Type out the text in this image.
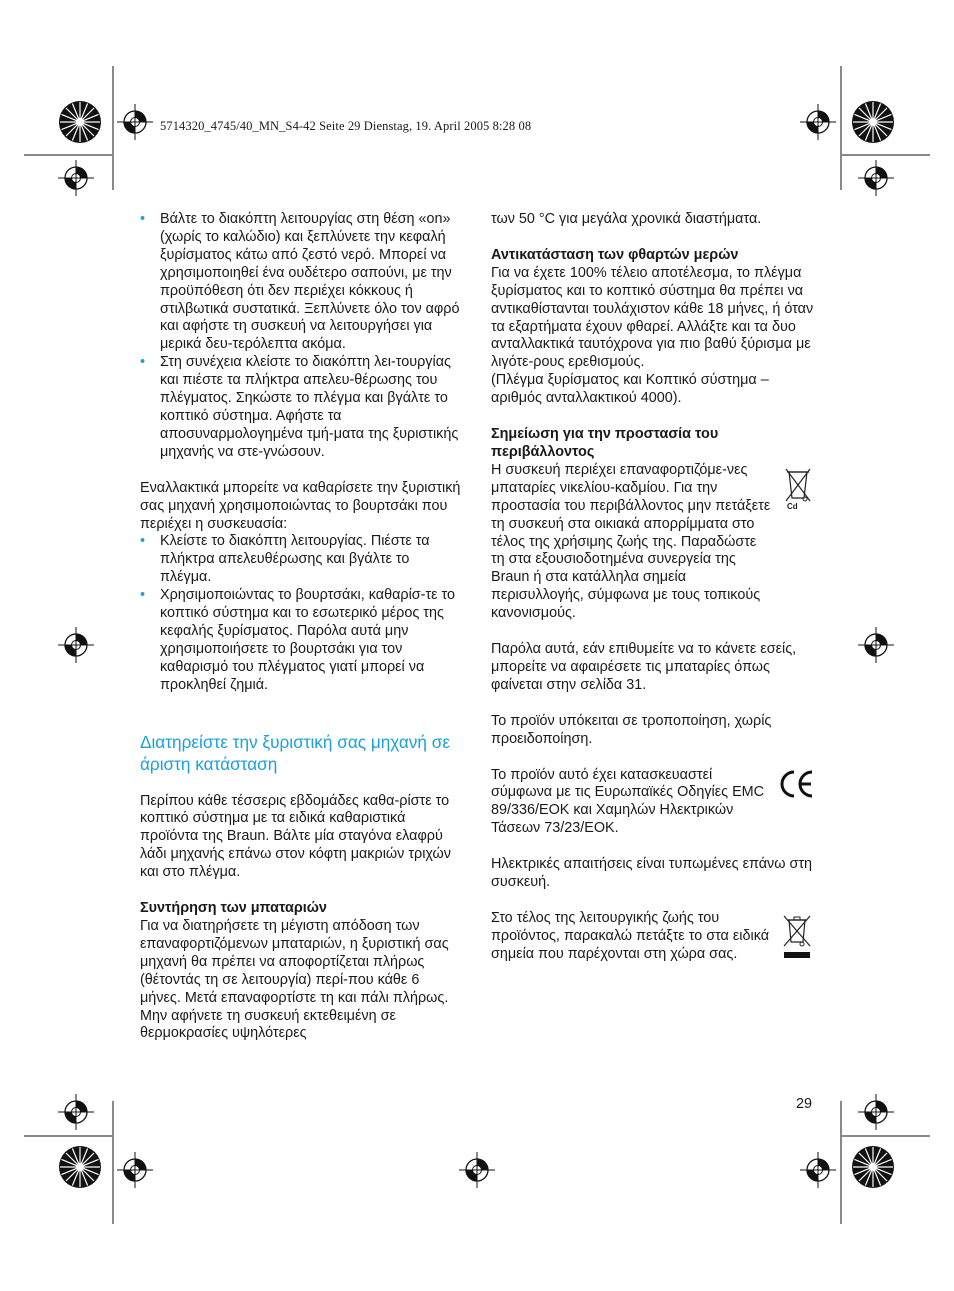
5714320_4745/40_MN_S4-42 Seite 29 Dienstag, 19. April 2005 8:28 08
• Βάλτε το διακόπτη λειτουργίας στη θέση «on» (χωρίς το καλώδιο) και ξεπλύνετε την κεφαλή ξυρίσματος κάτω από ζεστό νερό. Μπορεί να χρησιμοποιηθεί ένα ουδέτερο σαπούνι, με την προϋπόθεση ότι δεν περιέχει κόκκους ή στιλβωτικά συστατικά. Ξεπλύνετε όλο τον αφρό και αφήστε τη συσκευή να λειτουργήσει για μερικά δευ-τερόλεπτα ακόμα.
• Στη συνέχεια κλείστε το διακόπτη λει-τουργίας και πιέστε τα πλήκτρα απελευ-θέρωσης του πλέγματος. Σηκώστε το πλέγμα και βγάλτε το κοπτικό σύστημα. Αφήστε τα αποσυναρμολογημένα τμή-ματα της ξυριστικής μηχανής να στε-γνώσουν.

Εναλλακτικά μπορείτε να καθαρίσετε την ξυριστική σας μηχανή χρησιμοποιώντας το βουρτσάκι που περιέχει η συσκευασία:

• Κλείστε το διακόπτη λειτουργίας. Πιέστε τα πλήκτρα απελευθέρωσης και βγάλτε το πλέγμα.
• Χρησιμοποιώντας το βουρτσάκι, καθαρίσ-τε το κοπτικό σύστημα και το εσωτερικό μέρος της κεφαλής ξυρίσματος. Παρόλα αυτά μην χρησιμοποιήσετε το βουρτσάκι για τον καθαρισμό του πλέγματος γιατί μπορεί να προκληθεί ζημιά.
Διατηρείστε την ξυριστική σας μηχανή σε άριστη κατάσταση

Περίπου κάθε τέσσερις εβδομάδες καθα-ρίστε το κοπτικό σύστημα με τα ειδικά καθαριστικά προϊόντα της Braun. Βάλτε μία σταγόνα ελαφρύ λάδι μηχανής επάνω στον κόφτη μακριών τριχών και στο πλέγμα.

Συντήρηση των μπαταριών

Για να διατηρήσετε τη μέγιστη απόδοση των επαναφορτιζόμενων μπαταριών, η ξυριστική σας μηχανή θα πρέπει να αποφορτίζεται πλήρως (θέτοντάς τη σε λειτουργία) περί-που κάθε 6 μήνες. Μετά επαναφορτίστε τη και πάλι πλήρως. Μην αφήνετε τη συσκευή εκτεθειμένη σε θερμοκρασίες υψηλότερες

των 50 °C για μεγάλα χρονικά διαστήματα.

Αντικατάσταση των φθαρτών μερών

Για να έχετε 100% τέλειο αποτέλεσμα, το πλέγμα ξυρίσματος και το κοπτικό σύστημα θα πρέπει να αντικαθίστανται τουλάχιστον κάθε 18 μήνες, ή όταν τα εξαρτήματα έχουν φθαρεί. Αλλάξτε και τα δυο ανταλλακτικά ταυτόχρονα για πιο βαθύ ξύρισμα με λιγότε-ρους ερεθισμούς.

(Πλέγμα ξυρίσματος και Κοπτικό σύστημα – αριθμός ανταλλακτικού 4000).

Σημείωση για την προστασία του περιβάλλοντος

Η συσκευή περιέχει επαναφορτιζόμε-νες μπαταρίες νικελίου-καδμίου. Για την προστασία του περιβάλλοντος μην πετάξετε τη συσκευή στα οικιακά απορρίμματα στο τέλος της χρήσιμης ζωής της. Παραδώστε τη στα εξουσιοδοτημένα συνεργεία της Braun ή στα κατάλληλα σημεία περισυλλογής, σύμφωνα με τους τοπικούς κανονισμούς.

Cd

Παρόλα αυτά, εάν επιθυμείτε να το κάνετε εσείς, μπορείτε να αφαιρέσετε τις μπαταρίες όπως φαίνεται στην σελίδα 31.

Το προϊόν υπόκειται σε τροποποίηση, χωρίς προειδοποίηση.

Το προϊόν αυτό έχει κατασκευαστεί σύμφωνα με τις Ευρωπαϊκές Οδηγίες EMC 89/336/EOK και Χαμηλών Ηλεκτρικών Τάσεων 73/23/EOK.

Ηλεκτρικές απαιτήσεις είναι τυπωμένες επάνω στη συσκευή.

Στο τέλος της λειτουργικής ζωής του προϊόντος, παρακαλώ πετάξτε το στα ειδικά σημεία που παρέχονται στη χώρα σας.

29
